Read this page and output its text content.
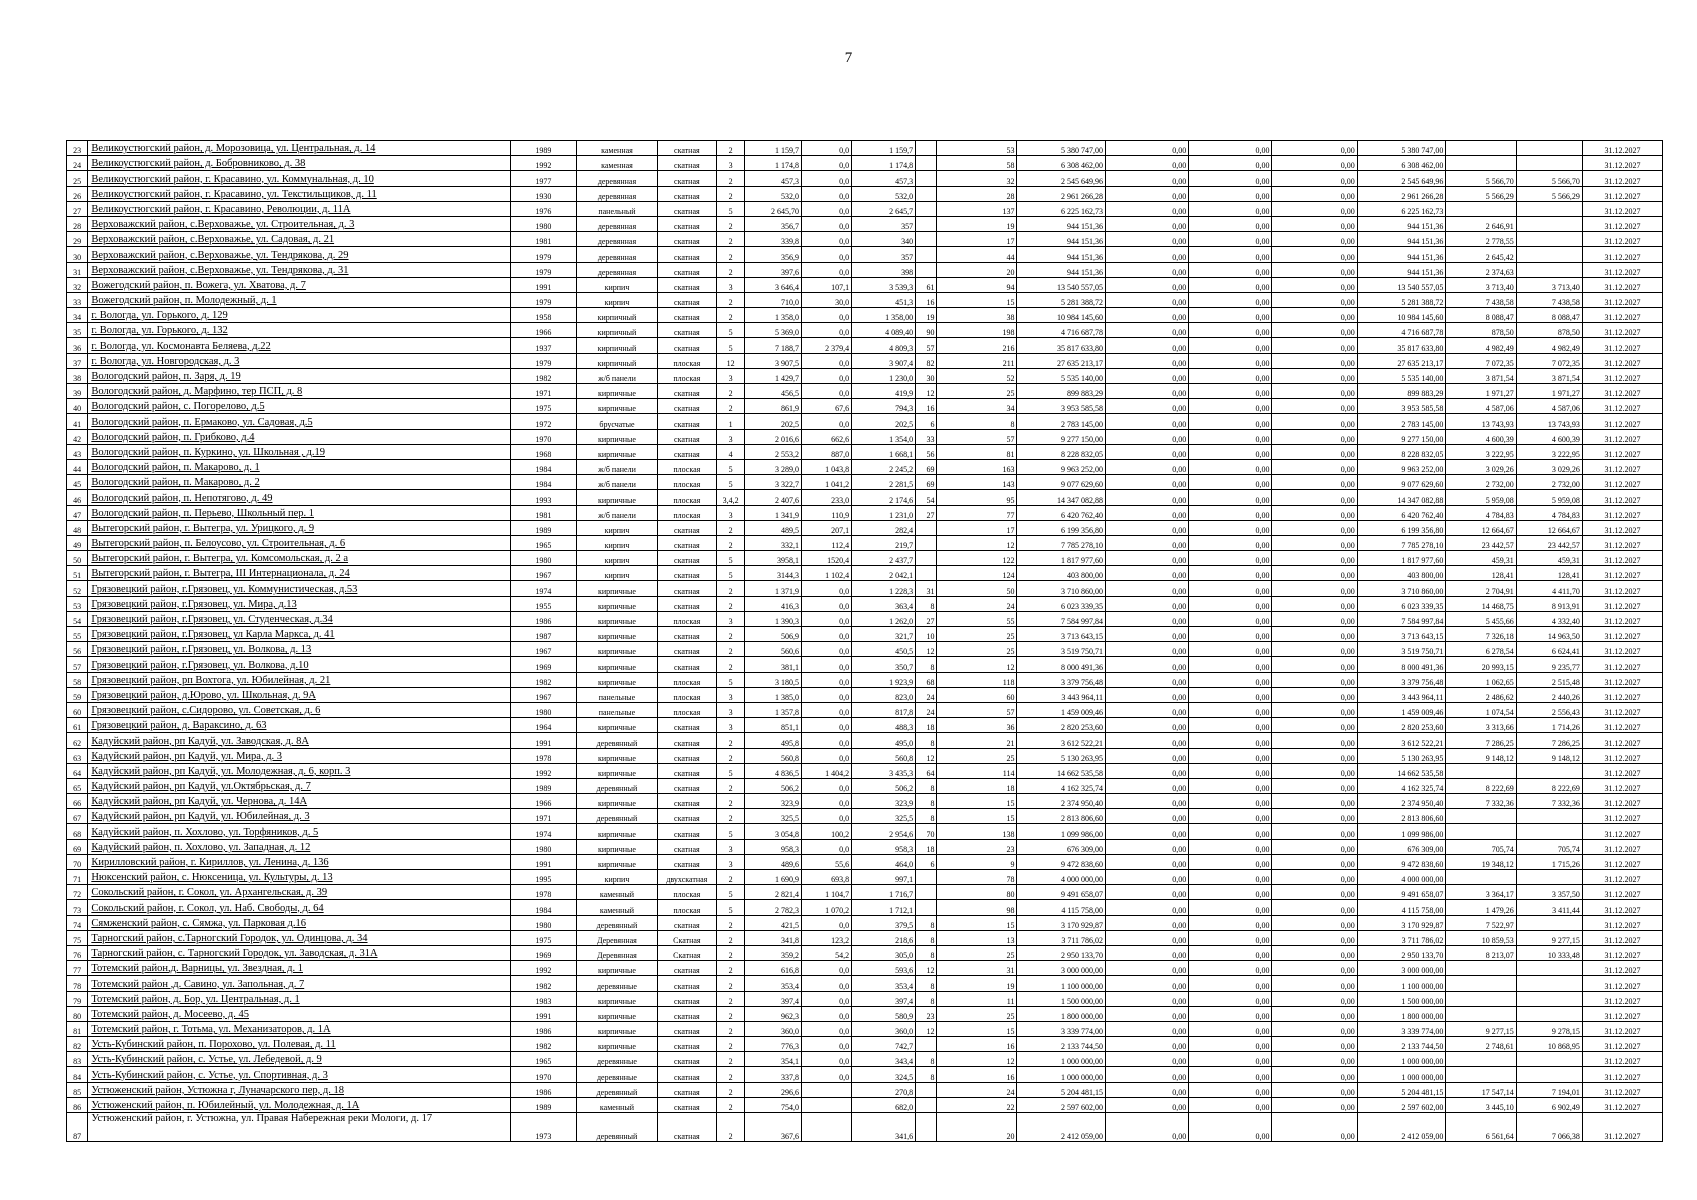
7
23	Великоустюгский район, д. Морозовица, ул. Центральная, д. 14	1989	каменная	скатная	2	1 159,7	0,0	1 159,7		53	5 380 747,00	0,00	0,00	0,00	5 380 747,00			31.12.2027
24	Великоустюгский район, д. Бобровниково, д. 38	1992	каменная	скатная	3	1 174,8	0,0	1 174,8		58	6 308 462,00	0,00	0,00	0,00	6 308 462,00			31.12.2027
25	Великоустюгский район, г. Красавино, ул. Коммунальная, д. 10	1977	деревянная	скатная	2	457,3	0,0	457,3		32	2 545 649,96	0,00	0,00	0,00	2 545 649,96	5 566,70	5 566,70	31.12.2027
26	Великоустюгский район, г. Красавино, ул. Текстильщиков, д. 11	1930	деревянная	скатная	2	532,0	0,0	532,0		28	2 961 266,28	0,00	0,00	0,00	2 961 266,28	5 566,29	5 566,29	31.12.2027
27	Великоустюгский район, г. Красавино, Революции, д. 11А	1976	панельный	скатная	5	2 645,70	0,0	2 645,7		137	6 225 162,73	0,00	0,00	0,00	6 225 162,73			31.12.2027
28	Верховажский район, с.Верховажье, ул. Строительная, д. 3	1980	деревянная	скатная	2	356,7	0,0	357		19	944 151,36	0,00	0,00	0,00	944 151,36	2 646,91		31.12.2027
29	Верховажский район, с.Верховажье, ул. Садовая, д. 21	1981	деревянная	скатная	2	339,8	0,0	340		17	944 151,36	0,00	0,00	0,00	944 151,36	2 778,55		31.12.2027
30	Верховажский район, с.Верховажье, ул. Тендрякова, д. 29	1979	деревянная	скатная	2	356,9	0,0	357		44	944 151,36	0,00	0,00	0,00	944 151,36	2 645,42		31.12.2027
31	Верховажский район, с.Верховажье, ул. Тендрякова, д. 31	1979	деревянная	скатная	2	397,6	0,0	398		20	944 151,36	0,00	0,00	0,00	944 151,36	2 374,63		31.12.2027
32	Вожегодский район, п. Вожега, ул. Хватова, д. 7	1991	кирпич	скатная	3	3 646,4	107,1	3 539,3	61	94	13 540 557,05	0,00	0,00	0,00	13 540 557,05	3 713,40	3 713,40	31.12.2027
33	Вожегодский район, п. Молодежный, д. 1	1979	кирпич	скатная	2	710,0	30,0	451,3	16	15	5 281 388,72	0,00	0,00	0,00	5 281 388,72	7 438,58	7 438,58	31.12.2027
34	г. Вологда, ул. Горького, д. 129	1958	кирпичный	скатная	2	1 358,0	0,0	1 358,00	19	38	10 984 145,60	0,00	0,00	0,00	10 984 145,60	8 088,47	8 088,47	31.12.2027
35	г. Вологда, ул. Горького, д. 132	1966	кирпичный	скатная	5	5 369,0	0,0	4 089,40	90	198	4 716 687,78	0,00	0,00	0,00	4 716 687,78	878,50	878,50	31.12.2027
36	г. Вологда, ул. Космонавта Беляева, д.22	1937	кирпичный	скатная	5	7 188,7	2 379,4	4 809,3	57	216	35 817 633,80	0,00	0,00	0,00	35 817 633,80	4 982,49	4 982,49	31.12.2027
37	г. Вологда, ул. Новгородская, д. 3	1979	кирпичный	плоская	12	3 907,5	0,0	3 907,4	82	211	27 635 213,17	0,00	0,00	0,00	27 635 213,17	7 072,35	7 072,35	31.12.2027
38	Вологодский район, п. Заря, д. 19	1982	ж/б панели	плоская	3	1 429,7	0,0	1 230,0	30	52	5 535 140,00	0,00	0,00	0,00	5 535 140,00	3 871,54	3 871,54	31.12.2027
39	Вологодский район, д. Марфино, тер ПСП, д. 8	1971	кирпичные	скатная	2	456,5	0,0	419,9	12	25	899 883,29	0,00	0,00	0,00	899 883,29	1 971,27	1 971,27	31.12.2027
40	Вологодский район, с. Погорелово, д.5	1975	кирпичные	скатная	2	861,9	67,6	794,3	16	34	3 953 585,58	0,00	0,00	0,00	3 953 585,58	4 587,06	4 587,06	31.12.2027
41	Вологодский район, п. Ермаково, ул. Садовая, д.5	1972	брусчатые	скатная	1	202,5	0,0	202,5	6	8	2 783 145,00	0,00	0,00	0,00	2 783 145,00	13 743,93	13 743,93	31.12.2027
42	Вологодский район, п. Грибково, д.4	1970	кирпичные	скатная	3	2 016,6	662,6	1 354,0	33	57	9 277 150,00	0,00	0,00	0,00	9 277 150,00	4 600,39	4 600,39	31.12.2027
43	Вологодский район, п. Куркино, ул. Школьная , д.19	1968	кирпичные	скатная	4	2 553,2	887,0	1 668,1	56	81	8 228 832,05	0,00	0,00	0,00	8 228 832,05	3 222,95	3 222,95	31.12.2027
44	Вологодский район, п. Макарово, д. 1	1984	ж/б панели	плоская	5	3 289,0	1 043,8	2 245,2	69	163	9 963 252,00	0,00	0,00	0,00	9 963 252,00	3 029,26	3 029,26	31.12.2027
45	Вологодский район, п. Макарово, д. 2	1984	ж/б панели	плоская	5	3 322,7	1 041,2	2 281,5	69	143	9 077 629,60	0,00	0,00	0,00	9 077 629,60	2 732,00	2 732,00	31.12.2027
46	Вологодский район, п. Непотягово, д. 49	1993	кирпичные	плоская	3,4,2	2 407,6	233,0	2 174,6	54	95	14 347 082,88	0,00	0,00	0,00	14 347 082,88	5 959,08	5 959,08	31.12.2027
47	Вологодский район, п. Перьево, Школьный пер. 1	1981	ж/б панели	плоская	3	1 341,9	110,9	1 231,0	27	77	6 420 762,40	0,00	0,00	0,00	6 420 762,40	4 784,83	4 784,83	31.12.2027
48	Вытегорский район, г. Вытегра, ул. Урицкого, д. 9	1989	кирпич	скатная	2	489,5	207,1	282,4		17	6 199 356,80	0,00	0,00	0,00	6 199 356,80	12 664,67	12 664,67	31.12.2027
49	Вытегорский район, п. Белоусово, ул. Строительная, д. 6	1965	кирпич	скатная	2	332,1	112,4	219,7		12	7 785 278,10	0,00	0,00	0,00	7 785 278,10	23 442,57	23 442,57	31.12.2027
50	Вытегорский район, г. Вытегра, ул. Комсомольская, д. 2 а	1980	кирпич	скатная	5	3958,1	1520,4	2 437,7		122	1 817 977,60	0,00	0,00	0,00	1 817 977,60	459,31	459,31	31.12.2027
51	Вытегорский район, г. Вытегра, III Интернационала, д. 24	1967	кирпич	скатная	5	3144,3	1 102,4	2 042,1		124	403 800,00	0,00	0,00	0,00	403 800,00	128,41	128,41	31.12.2027
52	Грязовецкий район, г.Грязовец, ул. Коммунистическая, д.53	1974	кирпичные	скатная	2	1 371,9	0,0	1 228,3	31	50	3 710 860,00	0,00	0,00	0,00	3 710 860,00	2 704,91	4 411,70	31.12.2027
53	Грязовецкий район, г.Грязовец, ул. Мира, д.13	1955	кирпичные	скатная	2	416,3	0,0	363,4	8	24	6 023 339,35	0,00	0,00	0,00	6 023 339,35	14 468,75	8 913,91	31.12.2027
54	Грязовецкий район, г.Грязовец, ул. Студенческая, д.34	1986	кирпичные	плоская	3	1 390,3	0,0	1 262,0	27	55	7 584 997,84	0,00	0,00	0,00	7 584 997,84	5 455,66	4 332,40	31.12.2027
55	Грязовецкий район, г.Грязовец, ул Карла Маркса, д. 41	1987	кирпичные	скатная	2	506,9	0,0	321,7	10	25	3 713 643,15	0,00	0,00	0,00	3 713 643,15	7 326,18	14 963,50	31.12.2027
56	Грязовецкий район, г.Грязовец, ул. Волкова, д. 13	1967	кирпичные	скатная	2	560,6	0,0	450,5	12	25	3 519 750,71	0,00	0,00	0,00	3 519 750,71	6 278,54	6 624,41	31.12.2027
57	Грязовецкий район, г.Грязовец, ул. Волкова, д.10	1969	кирпичные	скатная	2	381,1	0,0	350,7	8	12	8 000 491,36	0,00	0,00	0,00	8 000 491,36	20 993,15	9 235,77	31.12.2027
58	Грязовецкий район, рп Вохтога, ул. Юбилейная, д. 21	1982	кирпичные	плоская	5	3 180,5	0,0	1 923,9	68	118	3 379 756,48	0,00	0,00	0,00	3 379 756,48	1 062,65	2 515,48	31.12.2027
59	Грязовецкий район, д.Юрово, ул. Школьная, д. 9А	1967	панельные	плоская	3	1 385,0	0,0	823,0	24	60	3 443 964,11	0,00	0,00	0,00	3 443 964,11	2 486,62	2 440,26	31.12.2027
60	Грязовецкий район, с.Сидорово, ул. Советская, д. 6	1980	панельные	плоская	3	1 357,8	0,0	817,8	24	57	1 459 009,46	0,00	0,00	0,00	1 459 009,46	1 074,54	2 556,43	31.12.2027
61	Грязовецкий район, д. Вараксино, д. 63	1964	кирпичные	скатная	3	851,1	0,0	488,3	18	36	2 820 253,60	0,00	0,00	0,00	2 820 253,60	3 313,66	1 714,26	31.12.2027
62	Кадуйский район, рп Кадуй, ул. Заводская, д. 8А	1991	деревянный	скатная	2	495,8	0,0	495,0	8	21	3 612 522,21	0,00	0,00	0,00	3 612 522,21	7 286,25	7 286,25	31.12.2027
63	Кадуйский район, рп Кадуй, ул. Мира, д. 3	1978	кирпичные	скатная	2	560,8	0,0	560,8	12	25	5 130 263,95	0,00	0,00	0,00	5 130 263,95	9 148,12	9 148,12	31.12.2027
64	Кадуйский район, рп Кадуй, ул. Молодежная, д. 6, корп. 3	1992	кирпичные	скатная	5	4 836,5	1 404,2	3 435,3	64	114	14 662 535,58	0,00	0,00	0,00	14 662 535,58			31.12.2027
65	Кадуйский район, рп Кадуй, ул.Октябрьская, д. 7	1989	деревянный	скатная	2	506,2	0,0	506,2	8	18	4 162 325,74	0,00	0,00	0,00	4 162 325,74	8 222,69	8 222,69	31.12.2027
66	Кадуйский район, рп Кадуй, ул. Чернова, д. 14А	1966	кирпичные	скатная	2	323,9	0,0	323,9	8	15	2 374 950,40	0,00	0,00	0,00	2 374 950,40	7 332,36	7 332,36	31.12.2027
67	Кадуйский район, рп Кадуй, ул. Юбилейная, д. 3	1971	деревянный	скатная	2	325,5	0,0	325,5	8	15	2 813 806,60	0,00	0,00	0,00	2 813 806,60			31.12.2027
68	Кадуйский район, п. Хохлово, ул. Торфяников, д. 5	1974	кирпичные	скатная	5	3 054,8	100,2	2 954,6	70	138	1 099 986,00	0,00	0,00	0,00	1 099 986,00			31.12.2027
69	Кадуйский район, п. Хохлово, ул. Западная, д. 12	1980	кирпичные	скатная	3	958,3	0,0	958,3	18	23	676 309,00	0,00	0,00	0,00	676 309,00	705,74	705,74	31.12.2027
70	Кирилловский район, г. Кириллов, ул. Ленина, д. 136	1991	кирпичные	скатная	3	489,6	55,6	464,0	6	9	9 472 838,60	0,00	0,00	0,00	9 472 838,60	19 348,12	1 715,26	31.12.2027
71	Нюксенский район, с. Нюксеница, ул. Культуры, д. 13	1995	кирпич	двухскатная	2	1 690,9	693,8	997,1		78	4 000 000,00	0,00	0,00	0,00	4 000 000,00			31.12.2027
72	Сокольский район, г. Сокол, ул. Архангельская, д. 39	1978	каменный	плоская	5	2 821,4	1 104,7	1 716,7		80	9 491 658,07	0,00	0,00	0,00	9 491 658,07	3 364,17	3 357,50	31.12.2027
73	Сокольский район, г. Сокол, ул. Наб. Свободы, д. 64	1984	каменный	плоская	5	2 782,3	1 070,2	1 712,1		98	4 115 758,00	0,00	0,00	0,00	4 115 758,00	1 479,26	3 411,44	31.12.2027
74	Сямженский район, с. Сямжа, ул. Парковая д.16	1980	деревянный	скатная	2	421,5	0,0	379,5	8	15	3 170 929,87	0,00	0,00	0,00	3 170 929,87	7 522,97		31.12.2027
75	Тарногский район, с.Тарногский Городок, ул. Одинцова, д. 34	1975	Деревянная	Скатная	2	341,8	123,2	218,6	8	13	3 711 786,02	0,00	0,00	0,00	3 711 786,02	10 859,53	9 277,15	31.12.2027
76	Тарногский район, с. Тарногский Городок, ул. Заводская, д. 31А	1969	Деревянная	Скатная	2	359,2	54,2	305,0	8	25	2 950 133,70	0,00	0,00	0,00	2 950 133,70	8 213,07	10 333,48	31.12.2027
77	Тотемский район,д. Варницы, ул. Звездная, д. 1	1992	кирпичные	скатная	2	616,8	0,0	593,6	12	31	3 000 000,00	0,00	0,00	0,00	3 000 000,00			31.12.2027
78	Тотемский район ,д. Савино, ул. Запольная, д. 7	1982	деревянные	скатная	2	353,4	0,0	353,4	8	19	1 100 000,00	0,00	0,00	0,00	1 100 000,00			31.12.2027
79	Тотемский район, д. Бор, ул. Центральная, д. 1	1983	кирпичные	скатная	2	397,4	0,0	397,4	8	11	1 500 000,00	0,00	0,00	0,00	1 500 000,00			31.12.2027
80	Тотемский район, д. Мосеево, д. 45	1991	кирпичные	скатная	2	962,3	0,0	580,9	23	25	1 800 000,00	0,00	0,00	0,00	1 800 000,00			31.12.2027
81	Тотемский район, г. Тотьма, ул. Механизаторов, д. 1А	1986	кирпичные	скатная	2	360,0	0,0	360,0	12	15	3 339 774,00	0,00	0,00	0,00	3 339 774,00	9 277,15	9 278,15	31.12.2027
82	Усть-Кубинский район, п. Порохово, ул. Полевая, д. 11	1982	кирпичные	скатная	2	776,3	0,0	742,7		16	2 133 744,50	0,00	0,00	0,00	2 133 744,50	2 748,61	10 868,95	31.12.2027
83	Усть-Кубинский район, с. Устье, ул. Лебедевой, д. 9	1965	деревянные	скатная	2	354,1	0,0	343,4	8	12	1 000 000,00	0,00	0,00	0,00	1 000 000,00			31.12.2027
84	Усть-Кубинский район, с. Устье, ул. Спортивная, д. 3	1970	деревянные	скатная	2	337,8	0,0	324,5	8	16	1 000 000,00	0,00	0,00	0,00	1 000 000,00			31.12.2027
85	Устюженский район, Устюжна г, Луначарского пер, д. 18	1986	деревянный	скатная	2	296,6		270,8		24	5 204 481,15	0,00	0,00	0,00	5 204 481,15	17 547,14	7 194,01	31.12.2027
86	Устюженский район, п. Юбилейный, ул. Молодежная, д. 1А	1989	каменный	скатная	2	754,0		682,0		22	2 597 602,00	0,00	0,00	0,00	2 597 602,00	3 445,10	6 902,49	31.12.2027
87	Устюженский район, г. Устюжна, ул. Правая Набережная реки Мологи, д. 17	1973	деревянный	скатная	2	367,6		341,6		20	2 412 059,00	0,00	0,00	0,00	2 412 059,00	6 561,64	7 066,38	31.12.2027
